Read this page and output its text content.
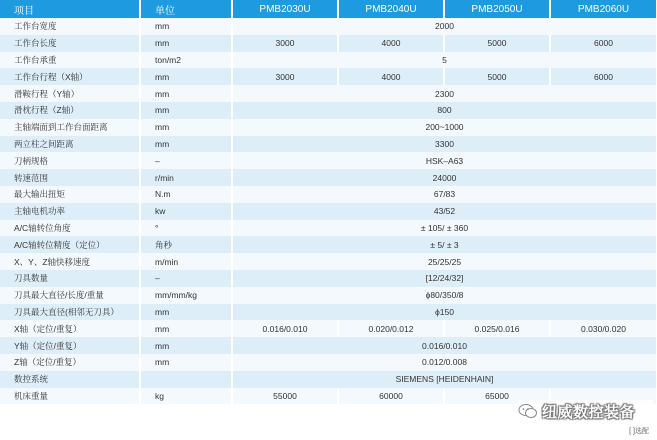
项目	单位	PMB2030U	PMB2040U	PMB2050U	PMB2060U
工作台宽度	mm	2000			
工作台长度	mm	3000	4000	5000	6000
工作台承重	ton/m2	5			
工作台行程（X轴）	mm	3000	4000	5000	6000
滑鞍行程（Y轴）	mm	2300			
滑枕行程（Z轴）	mm	800			
主轴端面到工作台面距离	mm	200~1000			
两立柱之间距离	mm	3300			
刀柄规格	–	HSK–A63			
转速范围	r/min	24000			
最大输出扭矩	N.m	67/83			
主轴电机功率	kw	43/52			
A/C轴转位角度	°	± 105/ ± 360			
A/C轴转位精度（定位）	角秒	± 5/ ± 3			
X、Y、Z轴快移速度	m/min	25/25/25			
刀具数量	–	[12/24/32]			
刀具最大直径/长度/重量	mm/mm/kg	ϕ80/350/8			
刀具最大直径(相邻无刀具）	mm	ϕ150			
X轴（定位/重复）	mm	0.016/0.010	0.020/0.012	0.025/0.016	0.030/0.020
Y轴（定位/重复）	mm	0.016/0.010			
Z轴（定位/重复）	mm	0.012/0.008			
数控系统		SIEMENS [HEIDENHAIN]			
机床重量	kg	55000	60000	65000	
纽威数控装备
[ ]选配
